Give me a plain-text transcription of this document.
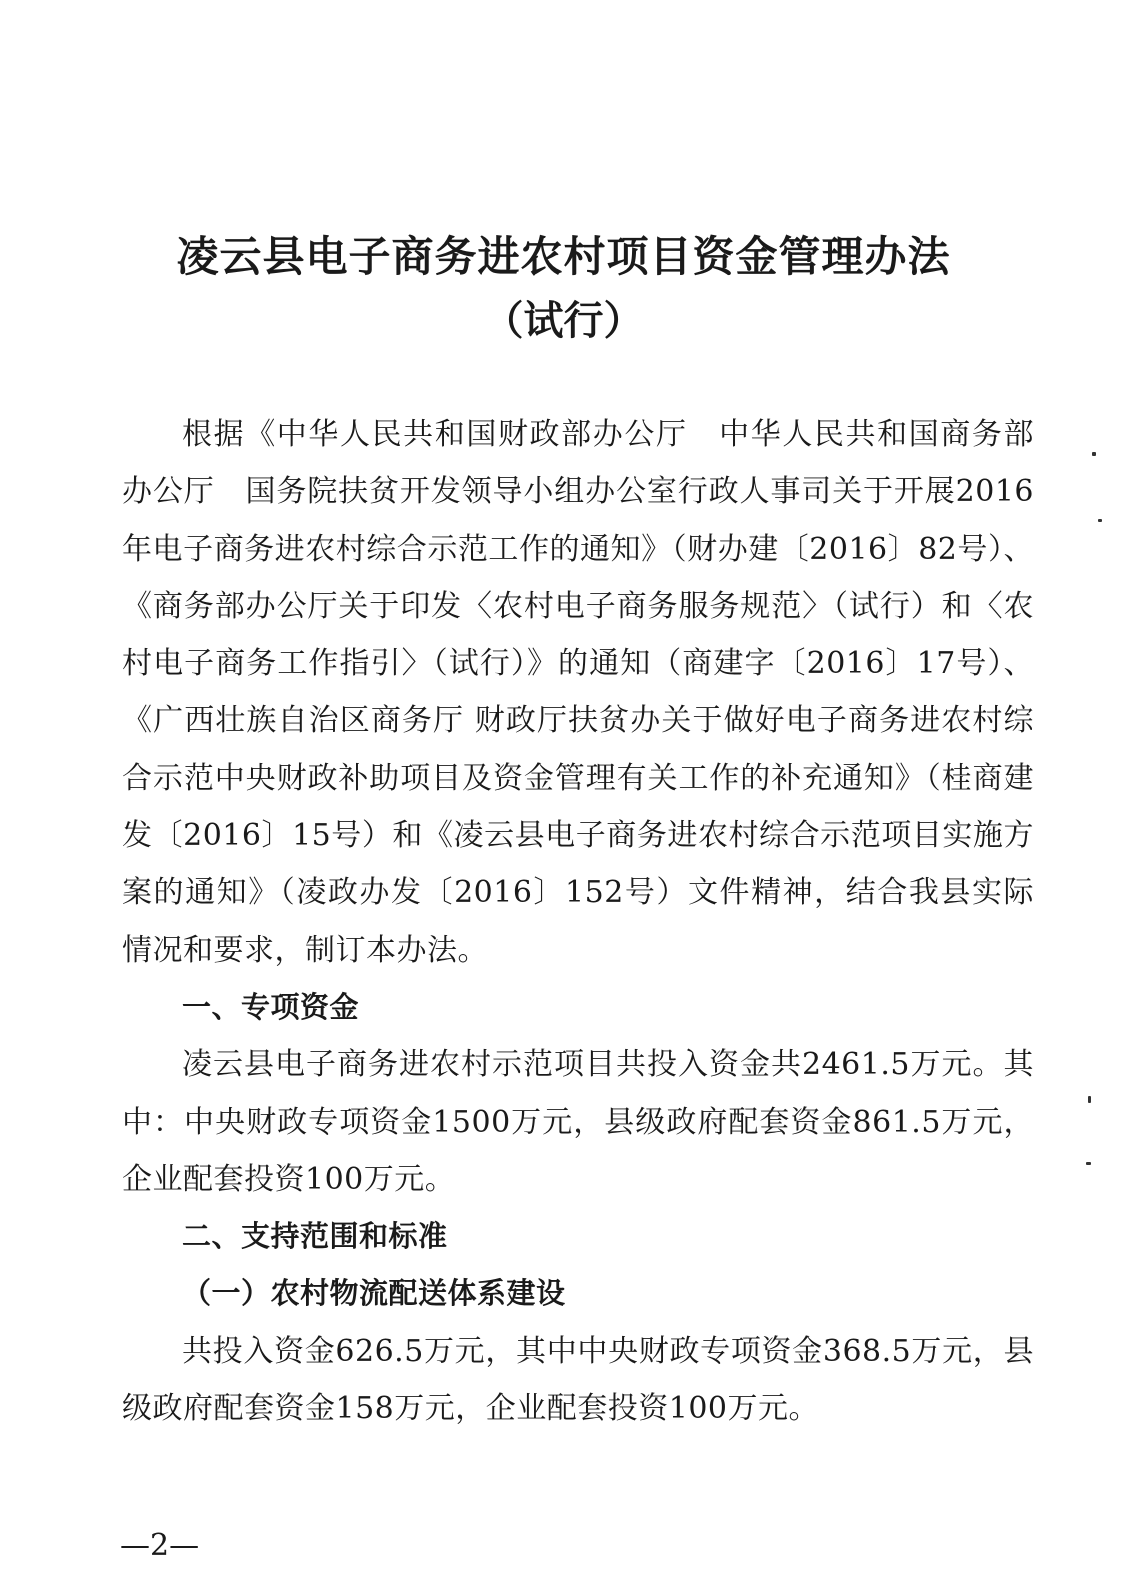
凌云县电子商务进农村项目资金管理办法
（试行）

根据《中华人民共和国财政部办公厅　中华人民共和国商务部办公厅　国务院扶贫开发领导小组办公室行政人事司关于开展2016年电子商务进农村综合示范工作的通知》（财办建〔2016〕82号）、《商务部办公厅关于印发〈农村电子商务服务规范〉（试行）和〈农村电子商务工作指引〉（试行）》的通知（商建字〔2016〕17号）、《广西壮族自治区商务厅 财政厅扶贫办关于做好电子商务进农村综合示范中央财政补助项目及资金管理有关工作的补充通知》（桂商建发〔2016〕15号）和《凌云县电子商务进农村综合示范项目实施方案的通知》（凌政办发〔2016〕152号）文件精神，结合我县实际情况和要求，制订本办法。

一、专项资金

凌云县电子商务进农村示范项目共投入资金共2461.5万元。其中：中央财政专项资金1500万元，县级政府配套资金861.5万元，企业配套投资100万元。

二、支持范围和标准

（一）农村物流配送体系建设

共投入资金626.5万元，其中中央财政专项资金368.5万元，县级政府配套资金158万元，企业配套投资100万元。

—2—
